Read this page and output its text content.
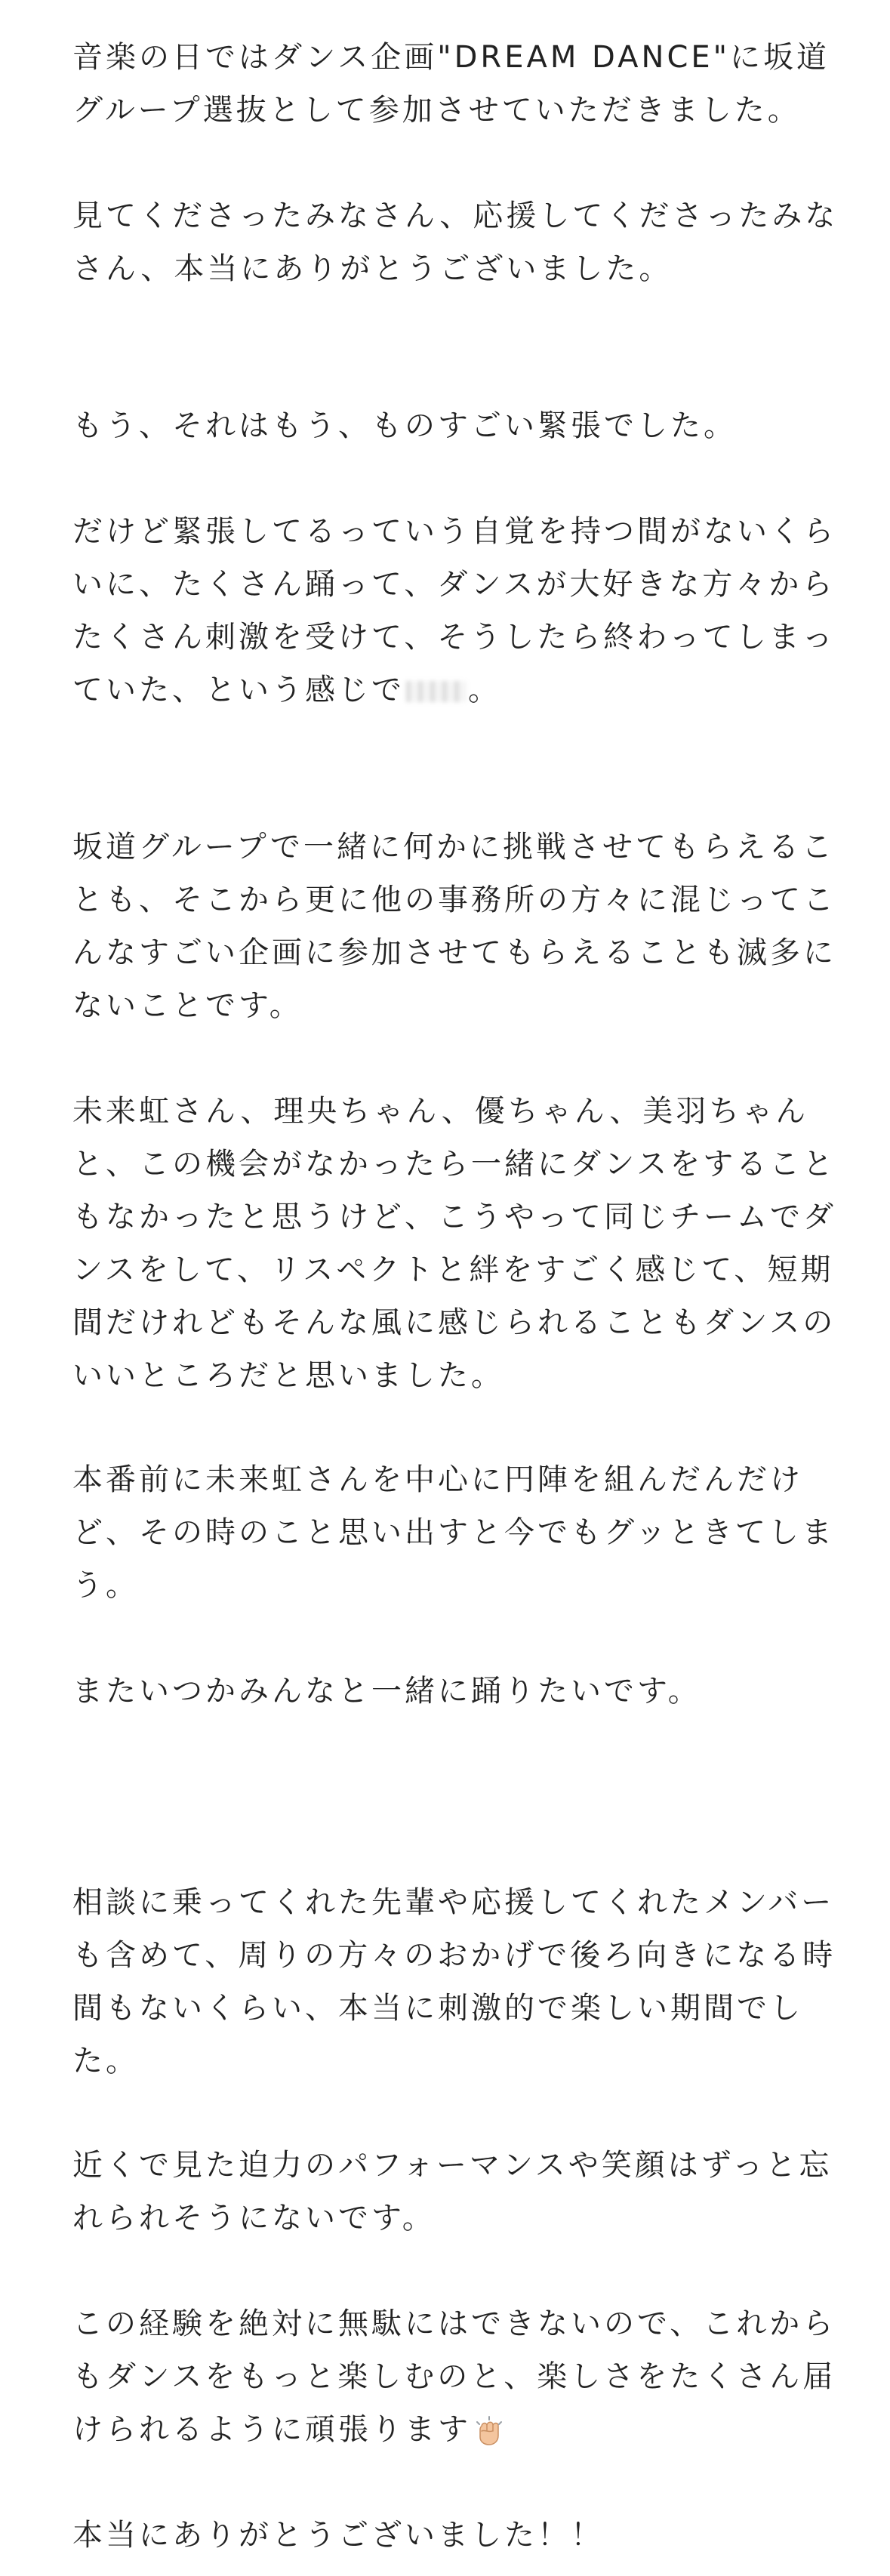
音楽の日ではダンス企画"DREAM DANCE"に坂道
グループ選抜として参加させていただきました。
見てくださったみなさん、応援してくださったみな
さん、本当にありがとうございました。
もう、それはもう、ものすごい緊張でした。
だけど緊張してるっていう自覚を持つ間がないくら
いに、たくさん踊って、ダンスが大好きな方々から
たくさん刺激を受けて、そうしたら終わってしまっ
ていた、という感じで 。
坂道グループで一緒に何かに挑戦させてもらえるこ
とも、そこから更に他の事務所の方々に混じってこ
んなすごい企画に参加させてもらえることも滅多に
ないことです。
未来虹さん、理央ちゃん、優ちゃん、美羽ちゃん
と、この機会がなかったら一緒にダンスをすること
もなかったと思うけど、こうやって同じチームでダ
ンスをして、リスペクトと絆をすごく感じて、短期
間だけれどもそんな風に感じられることもダンスの
いいところだと思いました。
本番前に未来虹さんを中心に円陣を組んだんだけ
ど、その時のこと思い出すと今でもグッときてしま
う。
またいつかみんなと一緒に踊りたいです。
相談に乗ってくれた先輩や応援してくれたメンバー
も含めて、周りの方々のおかげで後ろ向きになる時
間もないくらい、本当に刺激的で楽しい期間でし
た。
近くで見た迫力のパフォーマンスや笑顔はずっと忘
れられそうにないです。
この経験を絶対に無駄にはできないので、これから
もダンスをもっと楽しむのと、楽しさをたくさん届
けられるように頑張ります
本当にありがとうございました！！
